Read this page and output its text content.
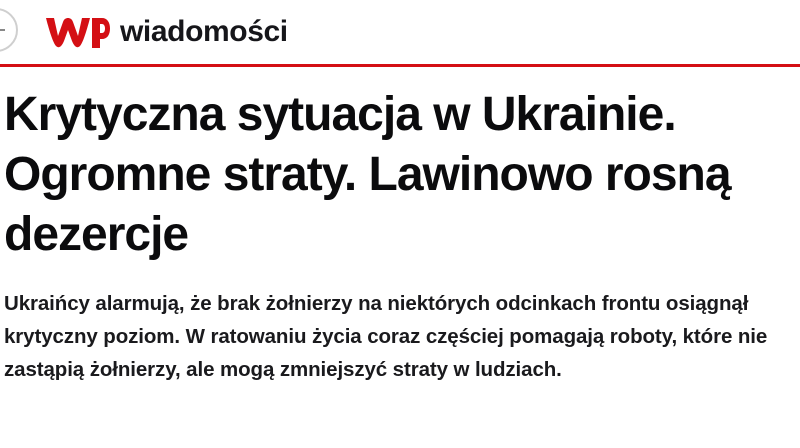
wiadomości
Krytyczna sytuacja w Ukrainie. Ogromne straty. Lawinowo rosną dezercje

Ukraińcy alarmują, że brak żołnierzy na niektórych odcinkach frontu osiągnął krytyczny poziom. W ratowaniu życia coraz częściej pomagają roboty, które nie zastąpią żołnierzy, ale mogą zmniejszyć straty w ludziach.
